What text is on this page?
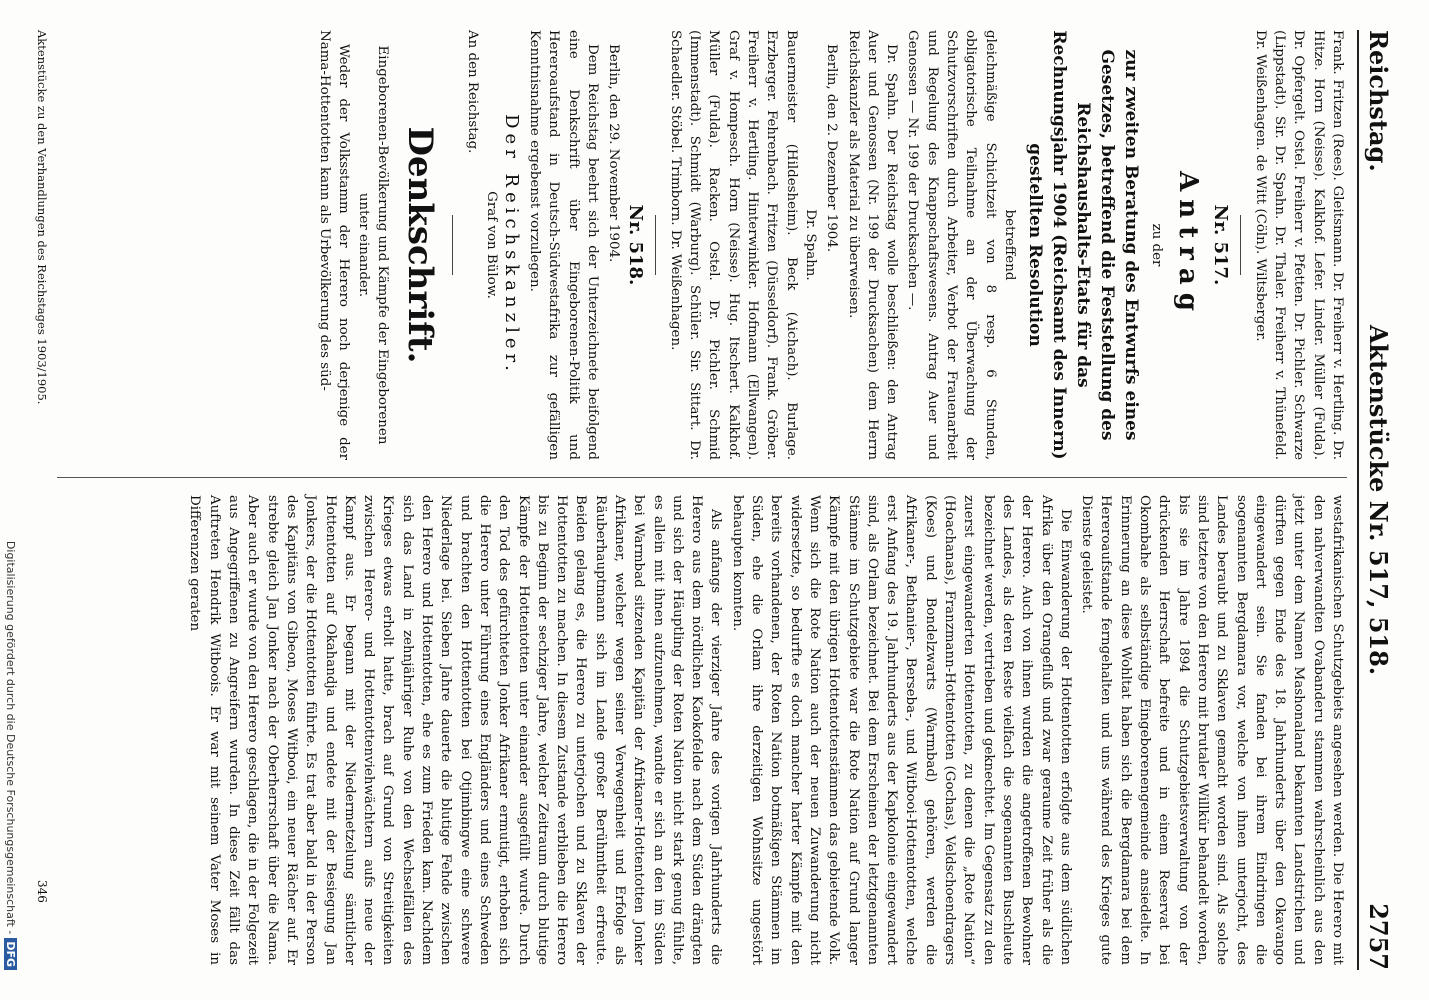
Reichstag.
Aktenstücke Nr. 517, 518.
2757

Frank. Fritzen (Rees). Gleitsmann. Dr. Freiherr v. Hertling. Dr. Hitze. Horn (Neisse). Kalkhof. Lefer. Linder. Müller (Fulda). Dr. Opfergelt. Ostel. Freiherr v. Pfetten. Dr. Pichler. Schwarze (Lippstadt). Sir. Dr. Spahn. Dr. Thaler. Freiherr v. Thünefeld. Dr. Weißenhagen. de Witt (Cöln). Wiltsberger.

Nr. 517.
Antrag
zu der
zur zweiten Beratung des Entwurfs eines Gesetzes, betreffend die Feststellung des Reichshaushalts-Etats für das Rechnungsjahr 1904 (Reichsamt des Innern) gestellten Resolution
betreffend

gleichmäßige Schichtzeit von 8 resp. 6 Stunden, obligatorische Teilnahme an der Überwachung der Schutzvorschriften durch Arbeiter, Verbot der Frauenarbeit und Regelung des Knappschaftswesens. Antrag Auer und Genossen — Nr. 199 der Drucksachen —.

Dr. Spahn. Der Reichstag wolle beschließen: den Antrag Auer und Genossen (Nr. 199 der Drucksachen) dem Herrn Reichskanzler als Material zu überweisen.

Berlin, den 2. Dezember 1904.

Dr. Spahn.

Bauermeister (Hildesheim). Beck (Aichach). Burlage. Erzberger. Fehrenbach. Fritzen (Düsseldorf). Frank. Gröber. Freiherr v. Hertling. Hinterwinkler. Hofmann (Ellwangen). Graf v. Hompesch. Horn (Neisse). Hug. Itschert. Kalkhof. Müller (Fulda). Racken. Ostel. Dr. Pichler. Schmid (Immenstadt). Schmidt (Warburg). Schüler. Sir. Sittart. Dr. Schaedler. Stöbel. Trimborn. Dr. Weißenhagen.

Nr. 518.

Berlin, den 29. November 1904.

Dem Reichstag beehrt sich der Unterzeichnete beifolgend eine Denkschrift über Eingeborenen-Politik und Hereroaufstand in Deutsch-Südwestafrika zur gefälligen Kenntnisnahme ergebenst vorzulegen.

Der Reichskanzler.
Graf von Bülow.

An den Reichstag.

Denkschrift.
Eingeborenen-Bevölkerung und Kämpfe der Eingeborenen unter einander.

Weder der Volksstamm der Herero noch derjenige der Nama-Hottentotten kann als Urbevölkerung des süd-

westafrikanischen Schutzgebiets angesehen werden. Die Herero mit den nahverwandten Ovabanderu stammen wahrscheinlich aus den jetzt unter dem Namen Mashonaland bekannten Landstrichen und dürften gegen Ende des 18. Jahrhunderts über den Okavango eingewandert sein. Sie fanden bei ihrem Eindringen die sogenannten Bergdamara vor, welche von ihnen unterjocht, des Landes beraubt und zu Sklaven gemacht worden sind. Als solche sind letztere von den Herero mit brutaler Willkür behandelt worden, bis sie im Jahre 1894 die Schutzgebietsverwaltung von der drückenden Herrschaft befreite und in einem Reservat bei Okombahe als selbständige Eingeborenengemeinde ansiedelte. In Erinnerung an diese Wohltat haben sich die Bergdamara bei dem Hereroaufstande ferngehalten und uns während des Krieges gute Dienste geleistet.

Die Einwanderung der Hottentotten erfolgte aus dem südlichen Afrika über den Orangefluß und zwar geraume Zeit früher als die der Herero. Auch von ihnen wurden die angetroffenen Bewohner des Landes, als deren Reste vielfach die sogenannten Buschleute bezeichnet werden, vertrieben und geknechtet. Im Gegensatz zu den zuerst eingewanderten Hottentotten, zu denen die „Rote Nation“ (Hoachanas), Franzmann-Hottentotten (Gochas), Veldschoendragers (Koes) und Bondelzwarts (Warmbad) gehören, werden die Afrikaner-, Bethanier-, Berseba-, und Witbooi-Hottentotten, welche erst Anfang des 19. Jahrhunderts aus der Kapkolonie eingewandert sind, als Orlam bezeichnet. Bei dem Erscheinen der letztgenannten Stämme im Schutzgebiete war die Rote Nation auf Grund langer Kämpfe mit den übrigen Hottentottenstämmen das gebietende Volk. Wenn sich die Rote Nation auch der neuen Zuwanderung nicht widersetzte, so bedurfte es doch mancher harter Kämpfe mit den bereits vorhandenen, der Roten Nation botmäßigen Stämmen im Süden, ehe die Orlam ihre derzeitigen Wohnsitze ungestört behaupten konnten.

Als anfangs der vierziger Jahre des vorigen Jahrhunderts die Herero aus dem nördlichen Kaokofelde nach dem Süden drängten und sich der Häuptling der Roten Nation nicht stark genug fühlte, es allein mit ihnen aufzunehmen, wandte er sich an den im Süden bei Warmbad sitzenden Kapitän der Afrikaner-Hottentotten Jonker Afrikaner, welcher wegen seiner Verwegenheit und Erfolge als Räuberhauptmann sich im Lande großer Berühmtheit erfreute. Beiden gelang es, die Herero zu unterjochen und zu Sklaven der Hottentotten zu machen. In diesem Zustande verblieben die Herero bis zu Beginn der sechziger Jahre, welcher Zeitraum durch blutige Kämpfe der Hottentotten unter einander ausgefüllt wurde. Durch den Tod des gefürchteten Jonker Afrikaner ermutigt, erhoben sich die Herero unter Führung eines Engländers und eines Schweden und brachten den Hottentotten bei Otjimbingwe eine schwere Niederlage bei. Sieben Jahre dauerte die blutige Fehde zwischen den Herero und Hottentotten, ehe es zum Frieden kam. Nachdem sich das Land in zehnjähriger Ruhe von den Wechselfällen des Krieges etwas erholt hatte, brach auf Grund von Streitigkeiten zwischen Herero- und Hottentottenviehwächtern aufs neue der Kampf aus. Er begann mit der Niedermetzelung sämtlicher Hottentotten auf Okahandja und endete mit der Besiegung Jan Jonkers, der die Hottentotten führte. Es trat aber bald in der Person des Kapitäns von Gibeon, Moses Witbooi, ein neuer Rächer auf. Er strebte gleich Jan Jonker nach der Oberherrschaft über die Nama. Aber auch er wurde von den Herero geschlagen, die in der Folgezeit aus Angegriffenen zu Angreifern wurden. In diese Zeit fällt das Auftreten Hendrik Witboois. Er war mit seinem Vater Moses in Differenzen geraten

Aktenstücke zu den Verhandlungen des Reichstages 1903/1905.
346
Digitalisierung gefördert durch die Deutsche Forschungsgemeinschaft -DFG
